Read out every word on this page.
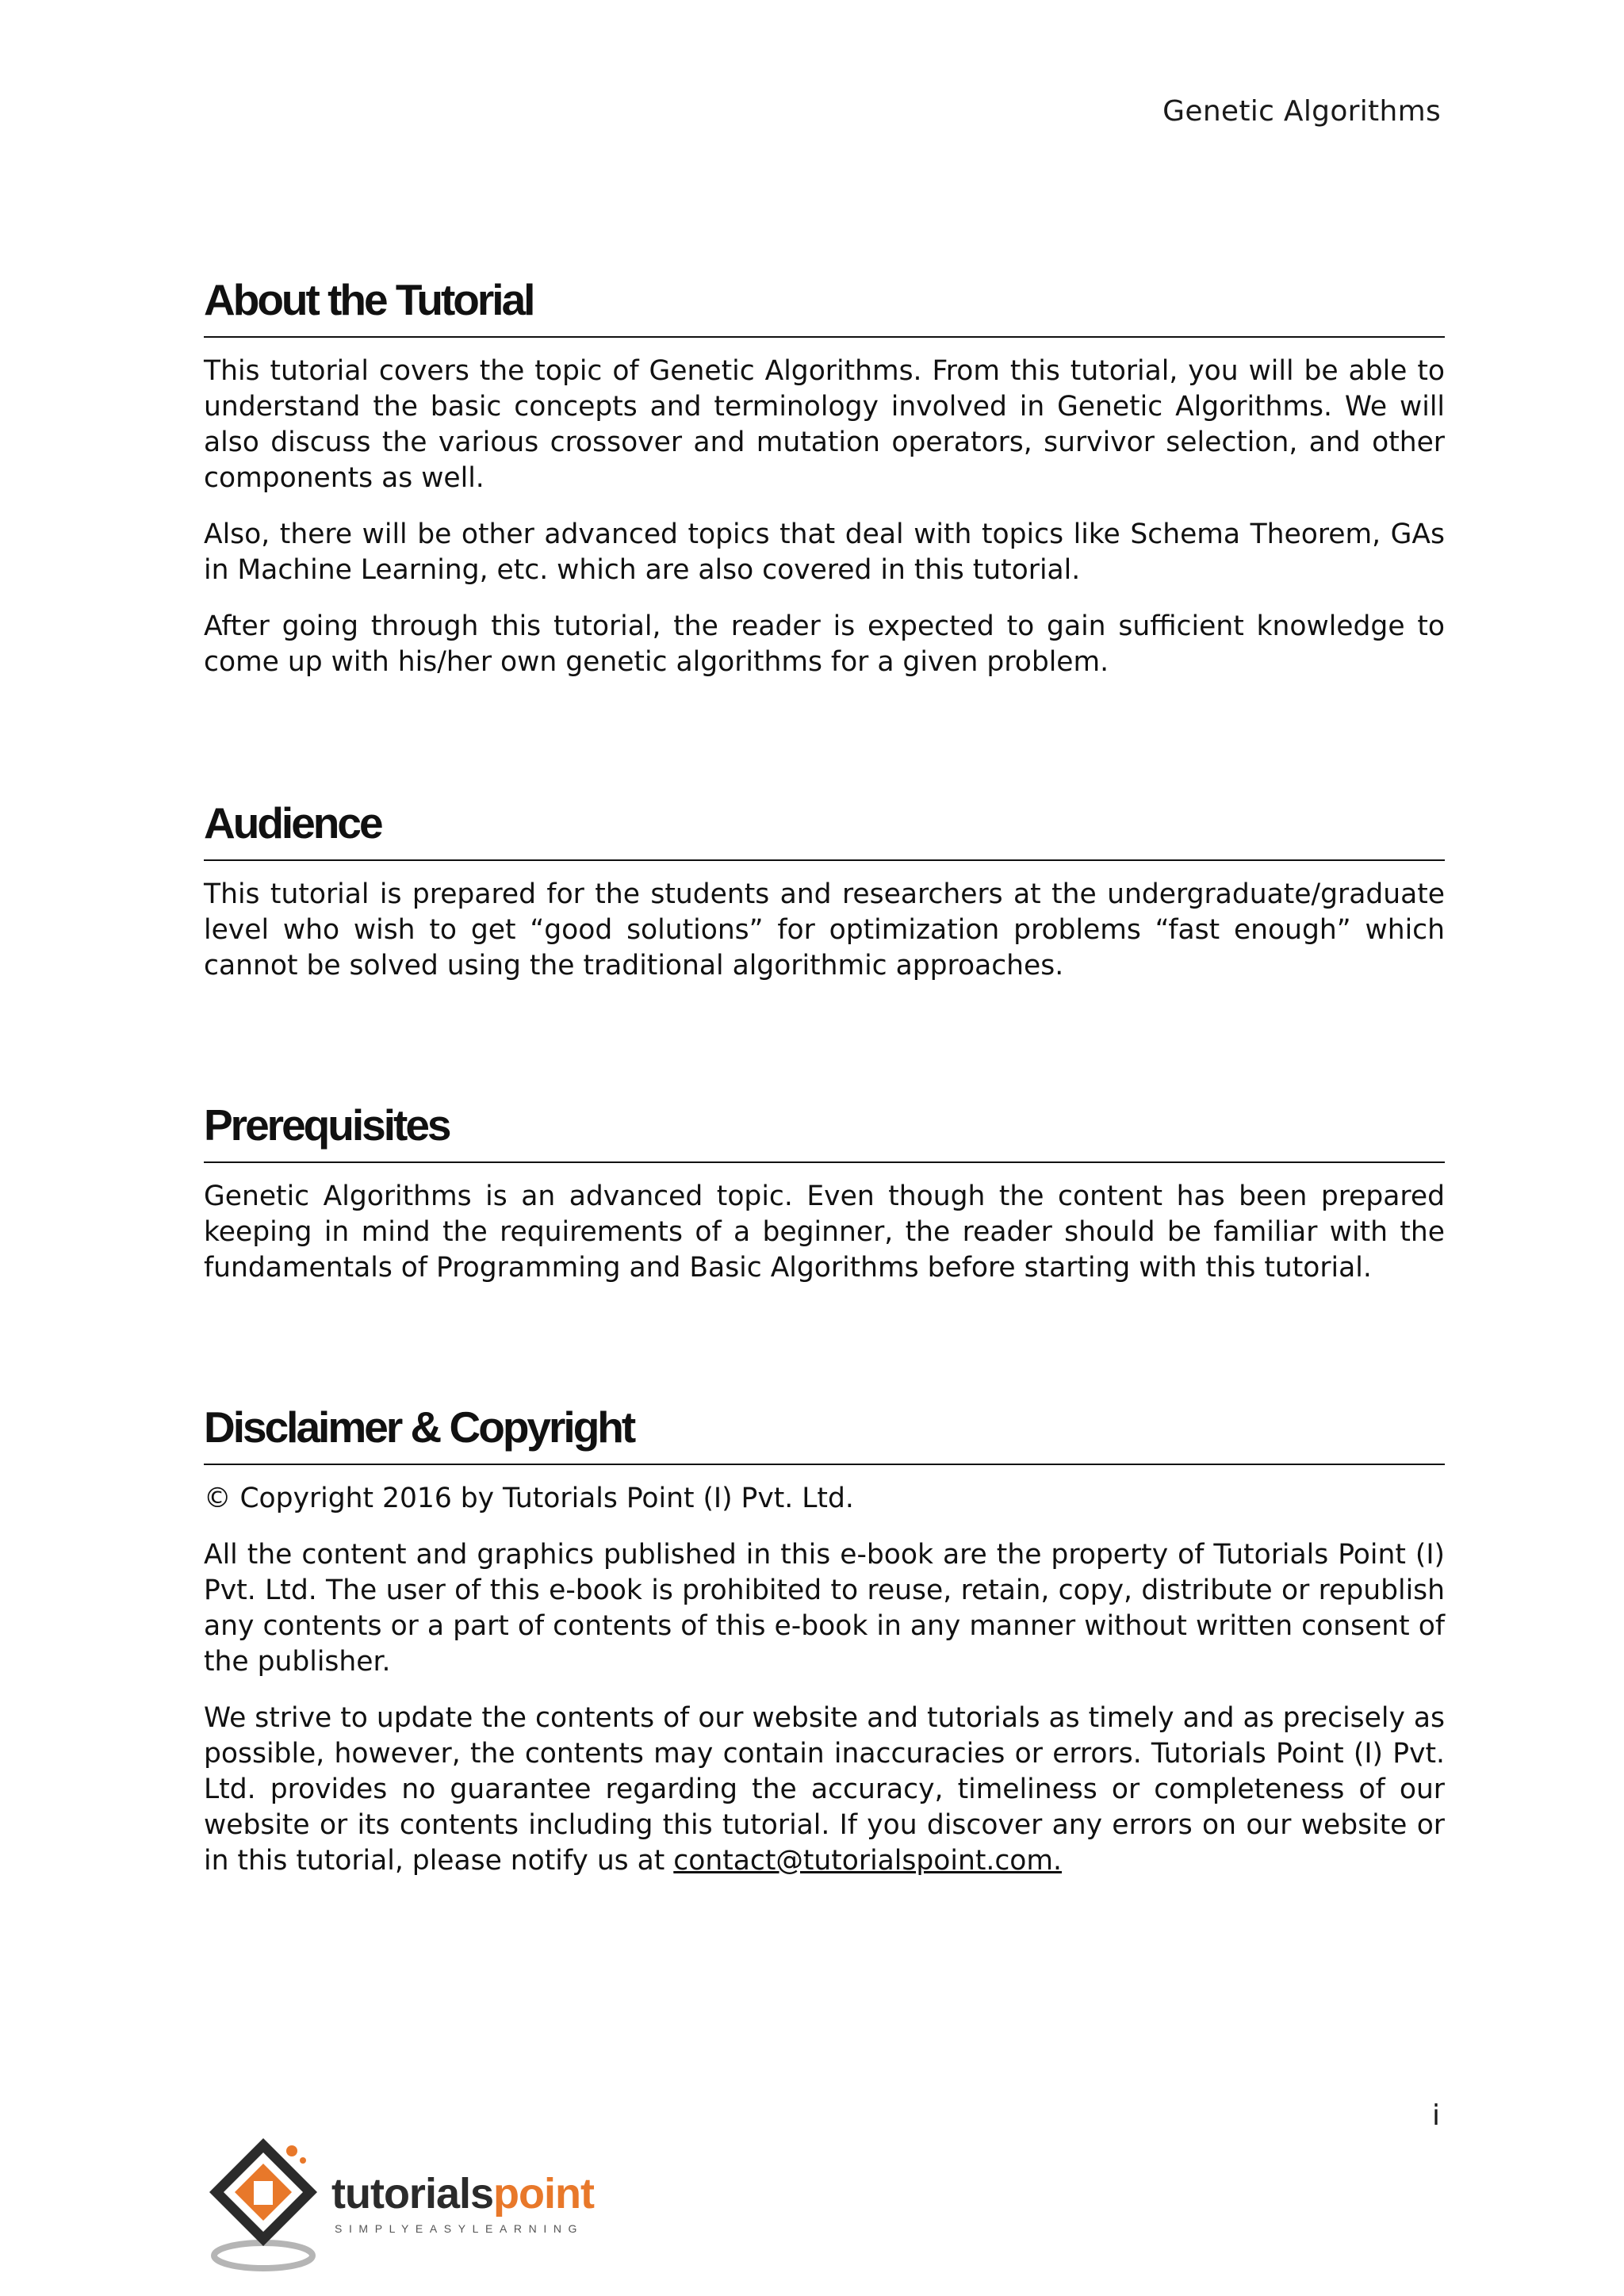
Genetic Algorithms
About the Tutorial

This tutorial covers the topic of Genetic Algorithms. From this tutorial, you will be able to understand the basic concepts and terminology involved in Genetic Algorithms. We will also discuss the various crossover and mutation operators, survivor selection, and other components as well.

Also, there will be other advanced topics that deal with topics like Schema Theorem, GAs in Machine Learning, etc. which are also covered in this tutorial.

After going through this tutorial, the reader is expected to gain sufficient knowledge to come up with his/her own genetic algorithms for a given problem.

Audience

This tutorial is prepared for the students and researchers at the undergraduate/graduate level who wish to get “good solutions” for optimization problems “fast enough” which cannot be solved using the traditional algorithmic approaches.

Prerequisites

Genetic Algorithms is an advanced topic. Even though the content has been prepared keeping in mind the requirements of a beginner, the reader should be familiar with the fundamentals of Programming and Basic Algorithms before starting with this tutorial.

Disclaimer & Copyright

© Copyright 2016 by Tutorials Point (I) Pvt. Ltd.

All the content and graphics published in this e-book are the property of Tutorials Point (I) Pvt. Ltd. The user of this e-book is prohibited to reuse, retain, copy, distribute or republish any contents or a part of contents of this e-book in any manner without written consent of the publisher.

We strive to update the contents of our website and tutorials as timely and as precisely as possible, however, the contents may contain inaccuracies or errors. Tutorials Point (I) Pvt. Ltd. provides no guarantee regarding the accuracy, timeliness or completeness of our website or its contents including this tutorial. If you discover any errors on our website or in this tutorial, please notify us at contact@tutorialspoint.com.

i
tutorialspoint
SIMPLYEASYLEARNING
